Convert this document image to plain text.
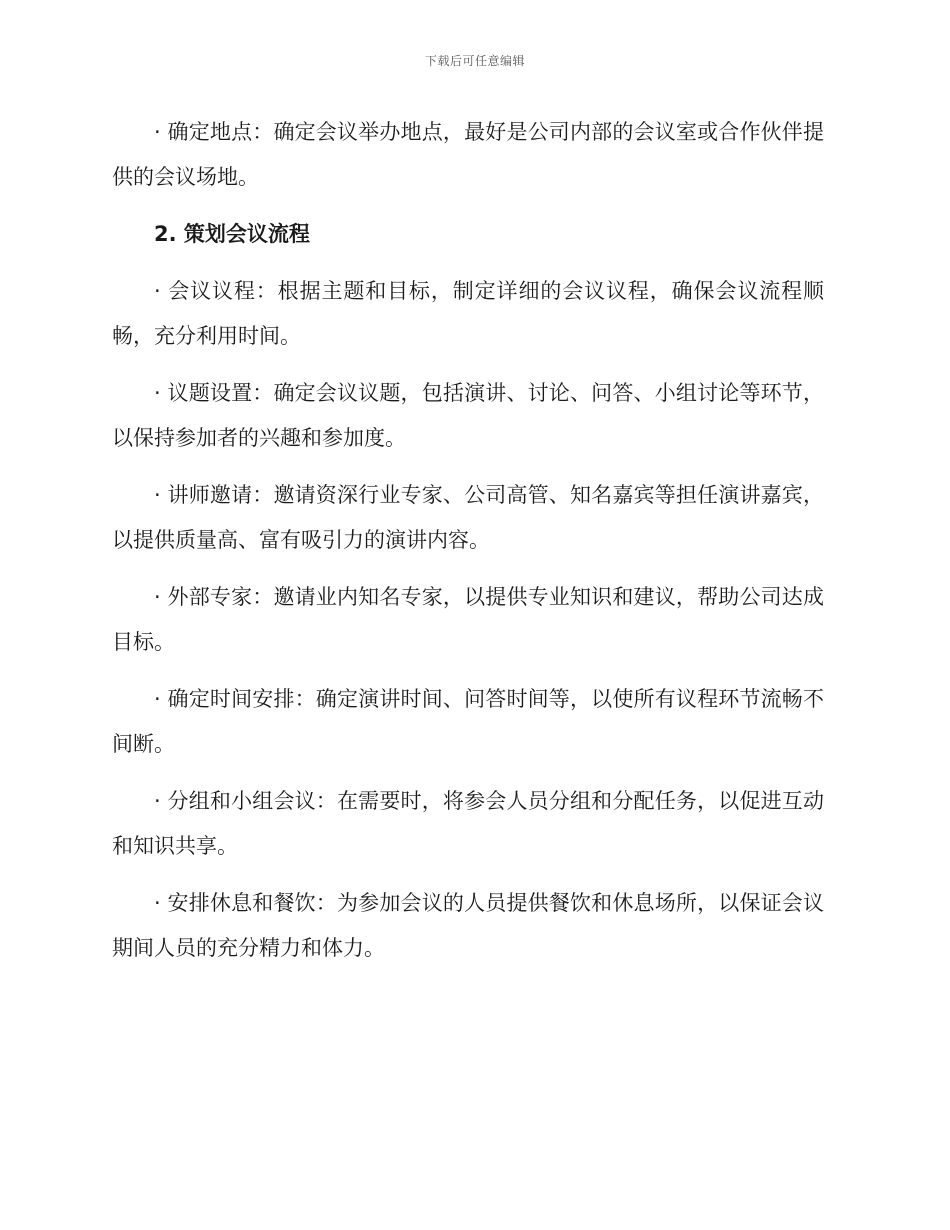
下载后可任意编辑

· 确定地点：确定会议举办地点，最好是公司内部的会议室或合作伙伴提供的会议场地。

2. 策划会议流程

· 会议议程：根据主题和目标，制定详细的会议议程，确保会议流程顺畅，充分利用时间。

· 议题设置：确定会议议题，包括演讲、讨论、问答、小组讨论等环节，以保持参加者的兴趣和参加度。

· 讲师邀请：邀请资深行业专家、公司高管、知名嘉宾等担任演讲嘉宾，以提供质量高、富有吸引力的演讲内容。

· 外部专家：邀请业内知名专家，以提供专业知识和建议，帮助公司达成目标。

· 确定时间安排：确定演讲时间、问答时间等，以使所有议程环节流畅不间断。

· 分组和小组会议：在需要时，将参会人员分组和分配任务，以促进互动和知识共享。

· 安排休息和餐饮：为参加会议的人员提供餐饮和休息场所，以保证会议期间人员的充分精力和体力。
